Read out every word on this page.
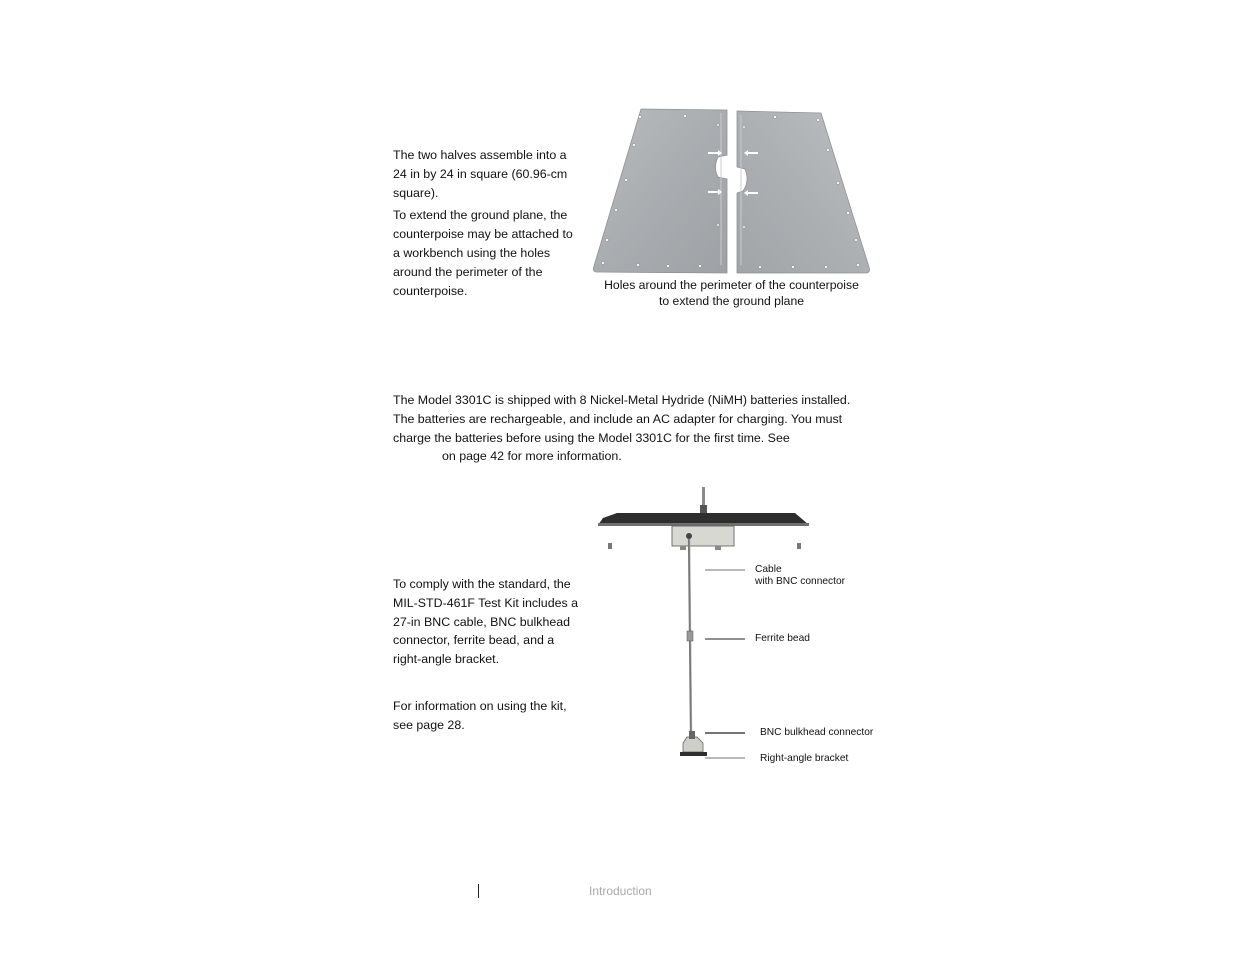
The two halves assemble into a 24 in by 24 in square (60.96-cm square).

To extend the ground plane, the counterpoise may be attached to a workbench using the holes around the perimeter of the counterpoise.	Holes around the perimeter of the counterpoise
to extend the ground plane

The Model 3301C is shipped with 8 Nickel-Metal Hydride (NiMH) batteries installed. The batteries are rechargeable, and include an AC adapter for charging. You must charge the batteries before using the Model 3301C for the first time. See
on page 42 for more information.

To comply with the standard, the MIL-STD-461F Test Kit includes a 27-in BNC cable, BNC bulkhead connector, ferrite bead, and a right-angle bracket.

For information on using the kit, see page 28.

Cable
with BNC connector
Ferrite bead
BNC bulkhead connector
Right-angle bracket
Introduction
